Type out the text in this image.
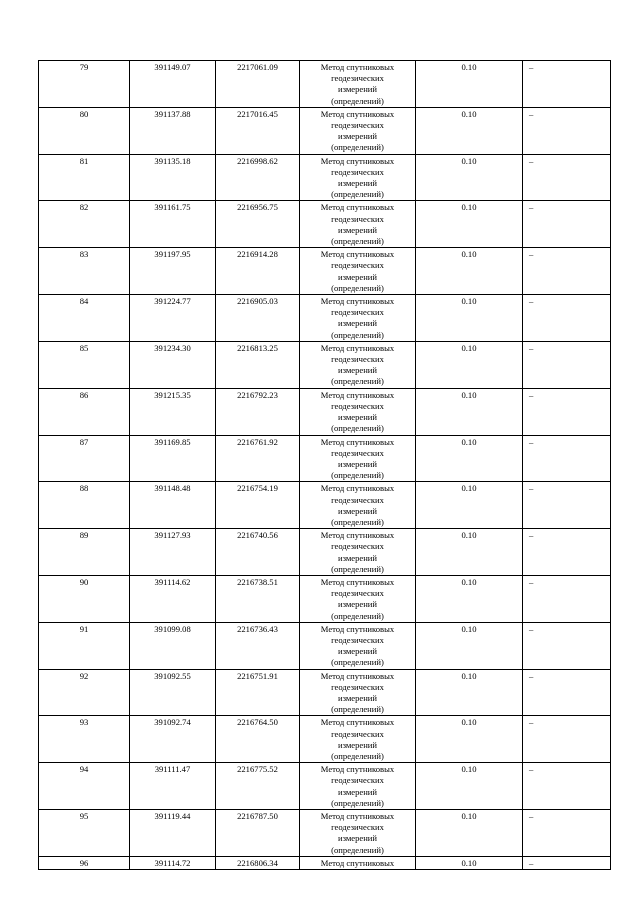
79	391149.07	2217061.09	Метод спутниковых
геодезических
измерений
(определений)	0.10	–
80	391137.88	2217016.45	Метод спутниковых
геодезических
измерений
(определений)	0.10	–
81	391135.18	2216998.62	Метод спутниковых
геодезических
измерений
(определений)	0.10	–
82	391161.75	2216956.75	Метод спутниковых
геодезических
измерений
(определений)	0.10	–
83	391197.95	2216914.28	Метод спутниковых
геодезических
измерений
(определений)	0.10	–
84	391224.77	2216905.03	Метод спутниковых
геодезических
измерений
(определений)	0.10	–
85	391234.30	2216813.25	Метод спутниковых
геодезических
измерений
(определений)	0.10	–
86	391215.35	2216792.23	Метод спутниковых
геодезических
измерений
(определений)	0.10	–
87	391169.85	2216761.92	Метод спутниковых
геодезических
измерений
(определений)	0.10	–
88	391148.48	2216754.19	Метод спутниковых
геодезических
измерений
(определений)	0.10	–
89	391127.93	2216740.56	Метод спутниковых
геодезических
измерений
(определений)	0.10	–
90	391114.62	2216738.51	Метод спутниковых
геодезических
измерений
(определений)	0.10	–
91	391099.08	2216736.43	Метод спутниковых
геодезических
измерений
(определений)	0.10	–
92	391092.55	2216751.91	Метод спутниковых
геодезических
измерений
(определений)	0.10	–
93	391092.74	2216764.50	Метод спутниковых
геодезических
измерений
(определений)	0.10	–
94	391111.47	2216775.52	Метод спутниковых
геодезических
измерений
(определений)	0.10	–
95	391119.44	2216787.50	Метод спутниковых
геодезических
измерений
(определений)	0.10	–
96	391114.72	2216806.34	Метод спутниковых	0.10	–
